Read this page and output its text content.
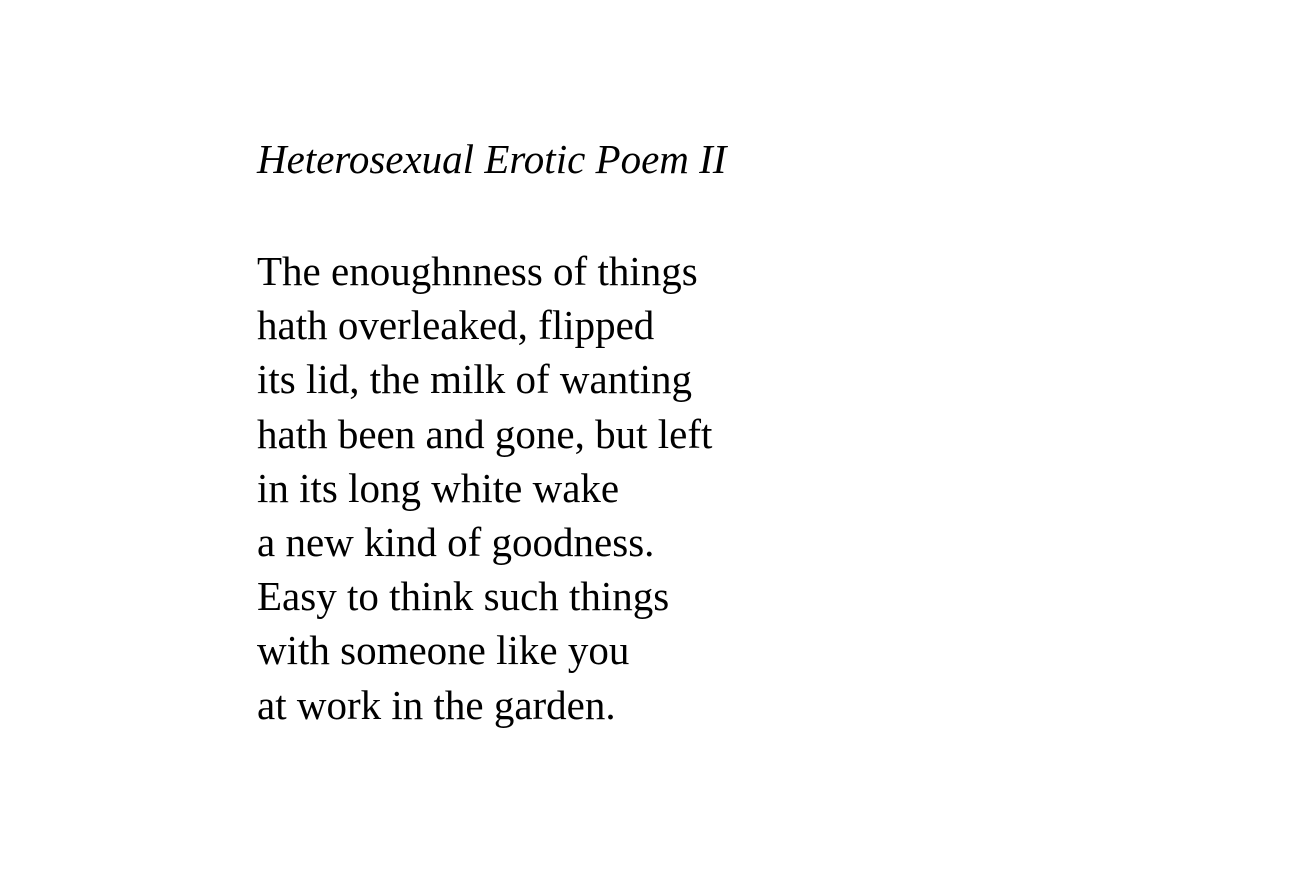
Heterosexual Erotic Poem II
The enoughnness of things
hath overleaked, flipped
its lid, the milk of wanting
hath been and gone, but left
in its long white wake
a new kind of goodness.
Easy to think such things
with someone like you
at work in the garden.
